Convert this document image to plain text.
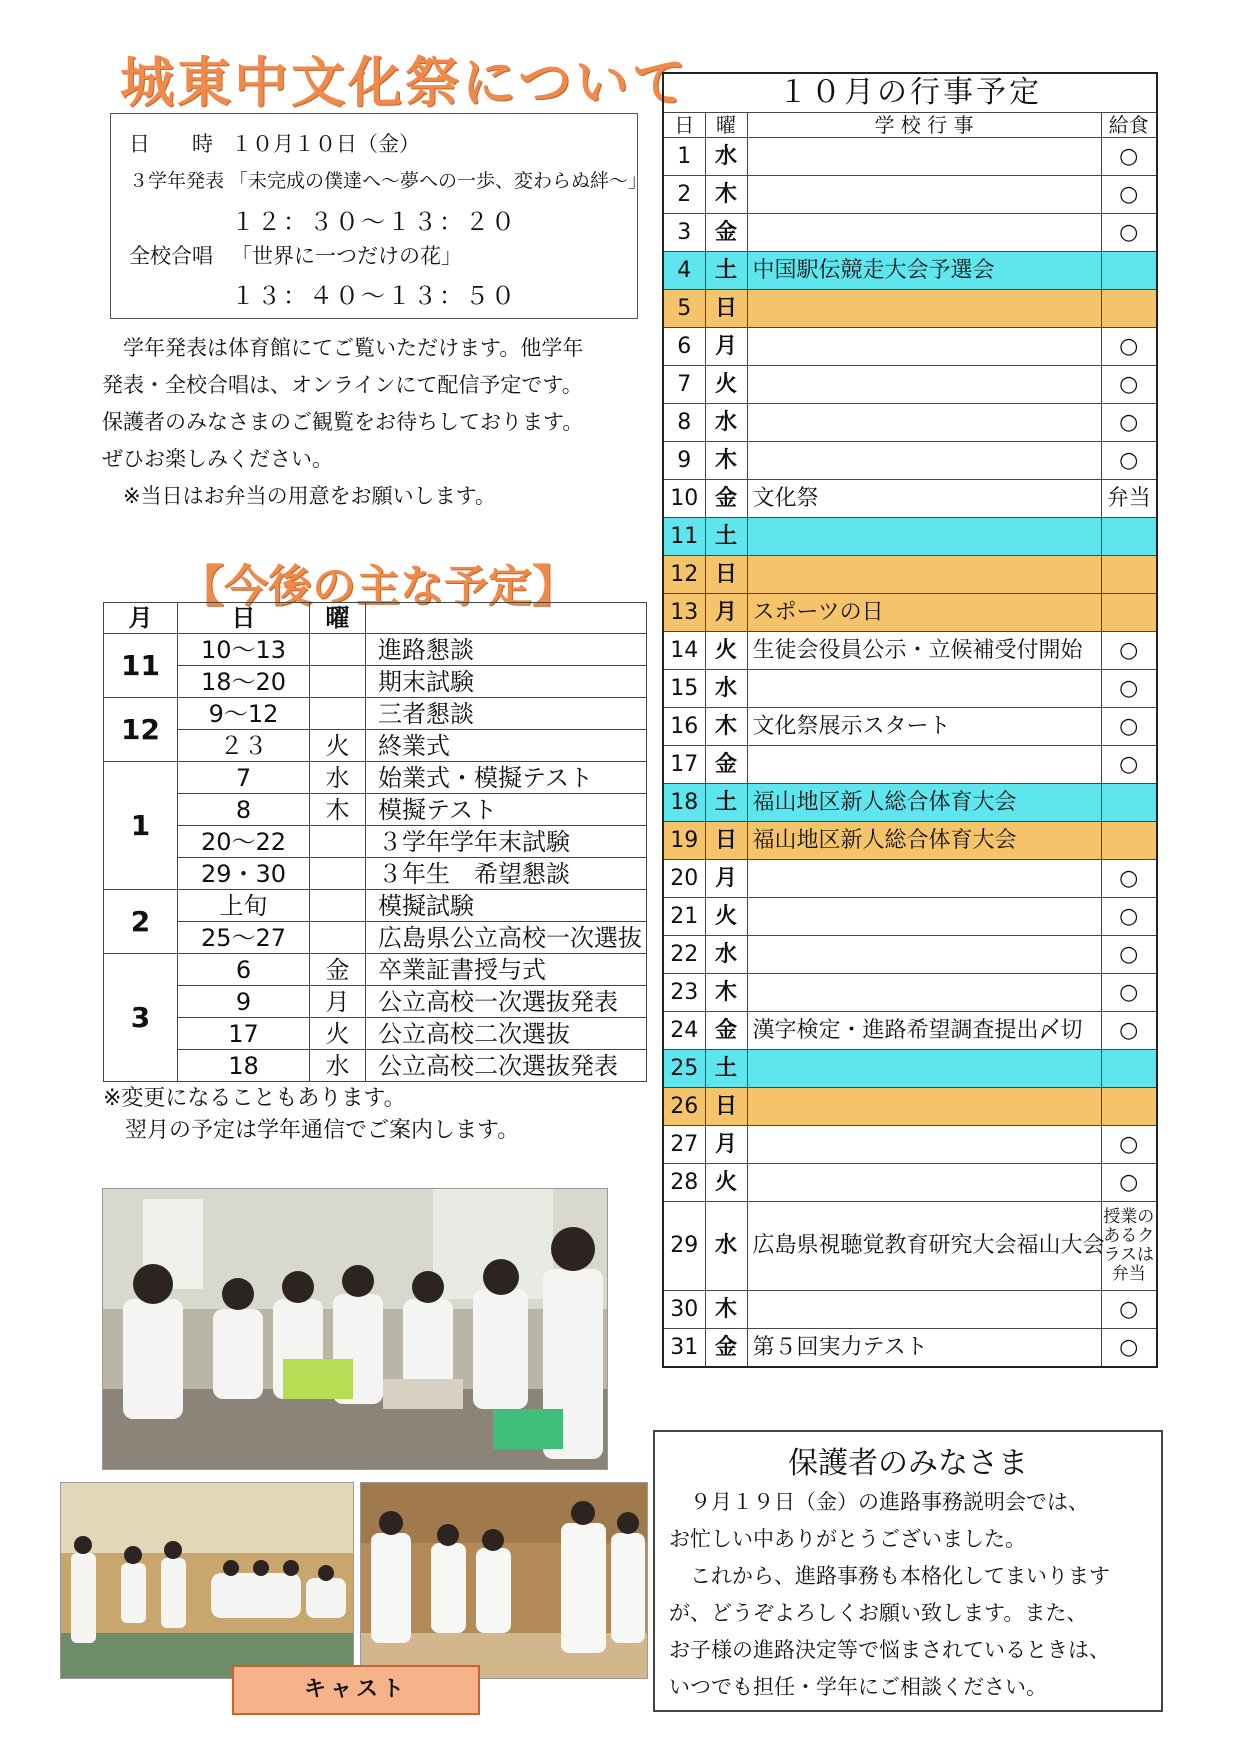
城東中文化祭について
日　　時 １０月１０日（金）
３学年発表 「未完成の僕達へ～夢への一歩、変わらぬ絆～」
１２：３０～１３：２０
全校合唱 「世界に一つだけの花」
１３：４０～１３：５０

　学年発表は体育館にてご覧いただけます。他学年

発表・全校合唱は、オンラインにて配信予定です。

保護者のみなさまのご観覧をお待ちしております。

ぜひお楽しみください。

　※当日はお弁当の用意をお願いします。

【今後の主な予定】
月	日	曜	
11	10～13		進路懇談
	18～20		期末試験
12	9～12		三者懇談
	２３	火	終業式
1	7	水	始業式・模擬テスト
	8	木	模擬テスト
	20～22		３学年学年末試験
	29・30		３年生　希望懇談
2	上旬		模擬試験
	25～27		広島県公立高校一次選抜
3	6	金	卒業証書授与式
	9	月	公立高校一次選抜発表
	17	火	公立高校二次選抜
	18	水	公立高校二次選抜発表

※変更になることもあります。

　翌月の予定は学年通信でご案内します。

キャスト
１０月の行事予定			
日	曜	学 校 行 事	給食
1	水		○
2	木		○
3	金		○
4	土	中国駅伝競走大会予選会	
5	日		
6	月		○
7	火		○
8	水		○
9	木		○
10	金	文化祭	弁当
11	土		
12	日		
13	月	スポーツの日	
14	火	生徒会役員公示・立候補受付開始	○
15	水		○
16	木	文化祭展示スタート	○
17	金		○
18	土	福山地区新人総合体育大会	
19	日	福山地区新人総合体育大会	
20	月		○
21	火		○
22	水		○
23	木		○
24	金	漢字検定・進路希望調査提出〆切	○
25	土		
26	日		
27	月		○
28	火		○
29	水	広島県視聴覚教育研究大会福山大会	授業のあるクラスは弁当
30	木		○
31	金	第５回実力テスト	○
保護者のみなさま

　９月１９日（金）の進路事務説明会では、

お忙しい中ありがとうございました。

　これから、進路事務も本格化してまいります

が、どうぞよろしくお願い致します。また、

お子様の進路決定等で悩まされているときは、

いつでも担任・学年にご相談ください。
